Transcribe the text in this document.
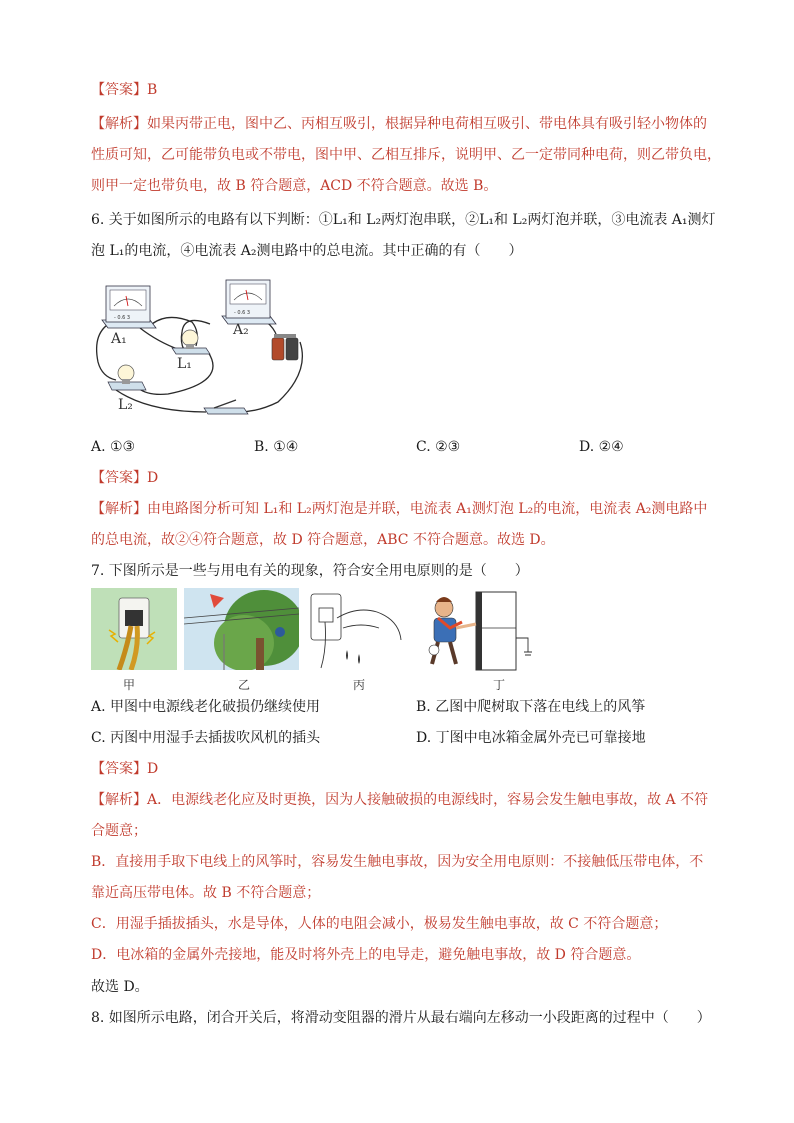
【答案】B
【解析】如果丙带正电，图中乙、丙相互吸引，根据异种电荷相互吸引、带电体具有吸引轻小物体的
性质可知，乙可能带负电或不带电，图中甲、乙相互排斥，说明甲、乙一定带同种电荷，则乙带负电，
则甲一定也带负电，故 B 符合题意，ACD 不符合题意。故选 B。
6. 关于如图所示的电路有以下判断：①L₁和 L₂两灯泡串联，②L₁和 L₂两灯泡并联，③电流表 A₁测灯
泡 L₁的电流，④电流表 A₂测电路中的总电流。其中正确的有（　　）
- 0.6 3
- 0.6 3
A₁
A₂
L₁
L₂
A. ①③	B. ①④	C. ②③	D. ②④
【答案】D
【解析】由电路图分析可知 L₁和 L₂两灯泡是并联，电流表 A₁测灯泡 L₂的电流，电流表 A₂测电路中
的总电流，故②④符合题意，故 D 符合题意，ABC 不符合题意。故选 D。
7. 下图所示是一些与用电有关的现象，符合安全用电原则的是（　　）
甲	乙	丙	丁
A. 甲图中电源线老化破损仍继续使用	B. 乙图中爬树取下落在电线上的风筝
C. 丙图中用湿手去插拔吹风机的插头	D. 丁图中电冰箱金属外壳已可靠接地
【答案】D
【解析】A．电源线老化应及时更换，因为人接触破损的电源线时，容易会发生触电事故，故 A 不符
合题意；
B．直接用手取下电线上的风筝时，容易发生触电事故，因为安全用电原则：不接触低压带电体，不
靠近高压带电体。故 B 不符合题意；
C．用湿手插拔插头，水是导体，人体的电阻会减小，极易发生触电事故，故 C 不符合题意；
D．电冰箱的金属外壳接地，能及时将外壳上的电导走，避免触电事故，故 D 符合题意。
故选 D。
8. 如图所示电路，闭合开关后，将滑动变阻器的滑片从最右端向左移动一小段距离的过程中（　　）
